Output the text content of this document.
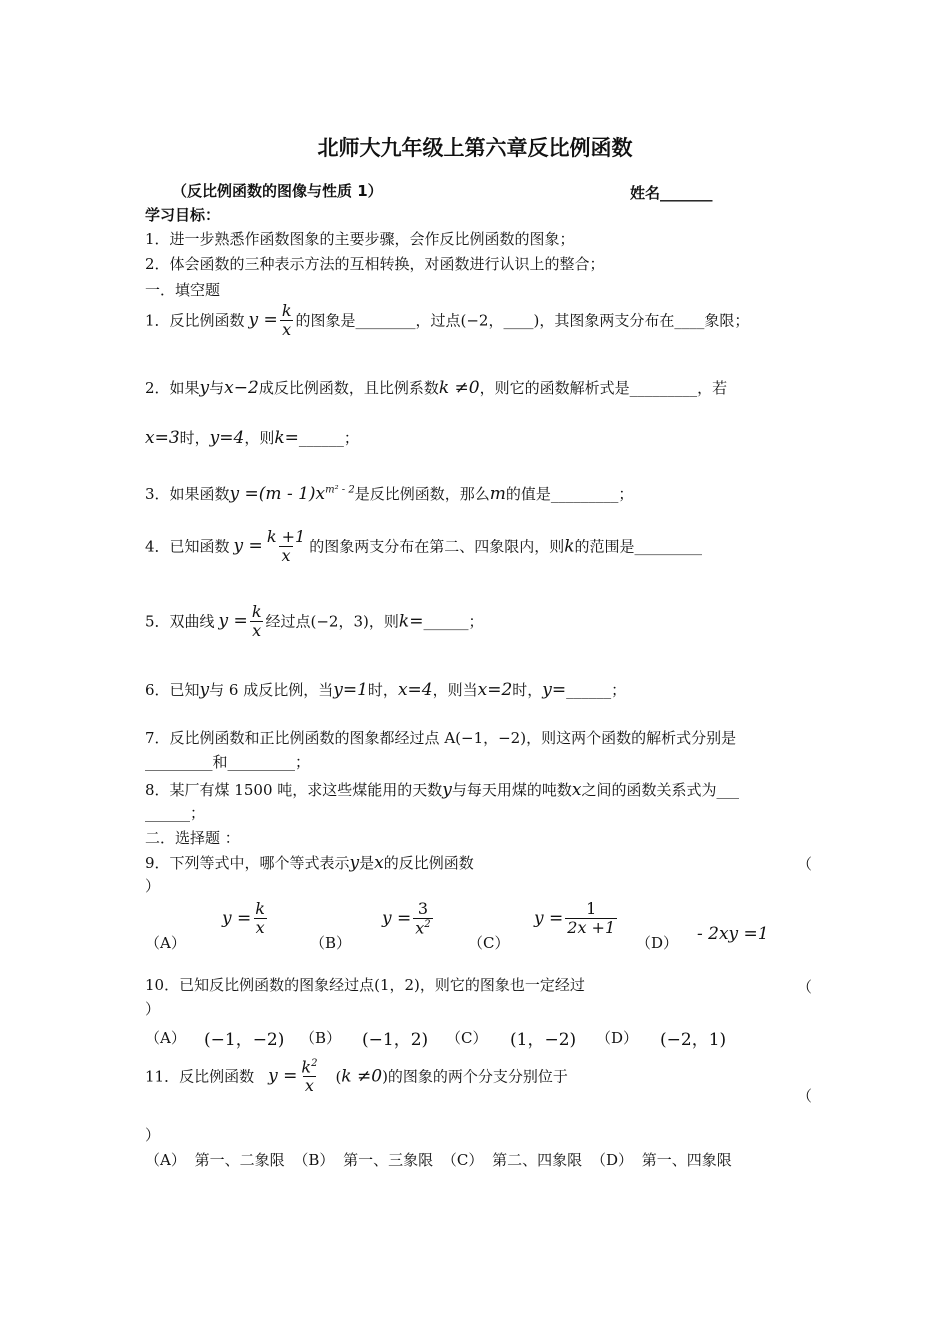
北师大九年级上第六章反比例函数
（反比例函数的图像与性质 1）	姓名_______
学习目标：
1．进一步熟悉作函数图象的主要步骤，会作反比例函数的图象；
2．体会函数的三种表示方法的互相转换，对函数进行认识上的整合；
一．填空题
1．反比例函数 $y = \frac{k}{x}$ 的图象是________，过点(−2，____)，其图象两支分布在____象限；
2．如果y与x−2成反比例函数，且比例系数k ≠0，则它的函数解析式是_________，若
x=3时，y=4，则k=______；
3．如果函数$y =(m - 1)x^{m^2 - 2}$是反比例函数，那么m的值是_________；
4．已知函数 $y = \frac{k +1}{x}$ 的图象两支分布在第二、四象限内，则k的范围是_________
5．双曲线 $y = \frac{k}{x}$ 经过点(−2，3)，则k=______；
6．已知y与 6 成反比例，当y=1时，x=4，则当x=2时，y=______；
7．反比例函数和正比例函数的图象都经过点 A(−1，−2)，则这两个函数的解析式分别是
_________和_________；
8．某厂有煤 1500 吨，求这些煤能用的天数y与每天用煤的吨数x之间的函数关系式为___
______；
二．选择题 ：
9．下列等式中，哪个等式表示y是x的反比例函数	（
）
（A）
$y = \frac{k}{x}$
（B）
$y = \frac{3}{x^2}$
（C）
$y = \frac{1}{2x +1}$
（D） - 2xy =1
10．已知反比例函数的图象经过点(1，2)，则它的图象也一定经过	（
）
（A） (−1，−2) （B） (−1，2) （C） (1，−2) （D） (−2，1)
11．反比例函数 $y = \frac{k^2}{x} (k \ne 0)$的图象的两个分支分别位于
（
）
（A） 第一、二象限 （B） 第一、三象限 （C） 第二、四象限 （D） 第一、四象限
